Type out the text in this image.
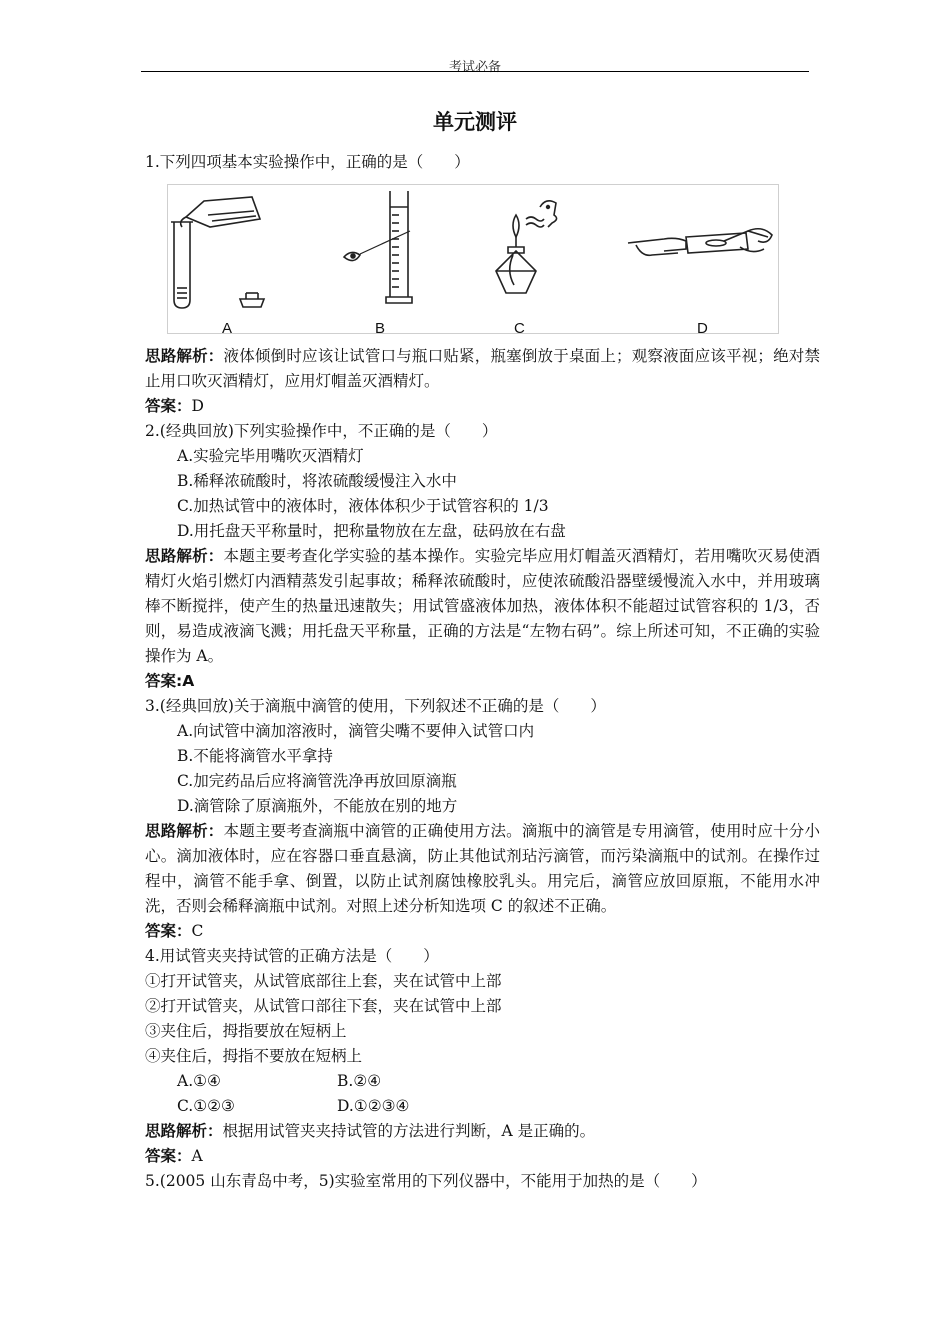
考试必备
单元测评
1.下列四项基本实验操作中，正确的是（　　）
A	B	C	D
思路解析：液体倾倒时应该让试管口与瓶口贴紧，瓶塞倒放于桌面上；观察液面应该平视；绝对禁止用口吹灭酒精灯，应用灯帽盖灭酒精灯。
答案：D
2.(经典回放)下列实验操作中，不正确的是（　　）
A.实验完毕用嘴吹灭酒精灯
B.稀释浓硫酸时，将浓硫酸缓慢注入水中
C.加热试管中的液体时，液体体积少于试管容积的 1/3
D.用托盘天平称量时，把称量物放在左盘，砝码放在右盘
思路解析：本题主要考查化学实验的基本操作。实验完毕应用灯帽盖灭酒精灯，若用嘴吹灭易使酒精灯火焰引燃灯内酒精蒸发引起事故；稀释浓硫酸时，应使浓硫酸沿器壁缓慢流入水中，并用玻璃棒不断搅拌，使产生的热量迅速散失；用试管盛液体加热，液体体积不能超过试管容积的 1/3，否则，易造成液滴飞溅；用托盘天平称量，正确的方法是“左物右码”。综上所述可知，不正确的实验操作为 A。
答案:A
3.(经典回放)关于滴瓶中滴管的使用，下列叙述不正确的是（　　）
A.向试管中滴加溶液时，滴管尖嘴不要伸入试管口内
B.不能将滴管水平拿持
C.加完药品后应将滴管洗净再放回原滴瓶
D.滴管除了原滴瓶外，不能放在别的地方
思路解析：本题主要考查滴瓶中滴管的正确使用方法。滴瓶中的滴管是专用滴管，使用时应十分小心。滴加液体时，应在容器口垂直悬滴，防止其他试剂玷污滴管，而污染滴瓶中的试剂。在操作过程中，滴管不能手拿、倒置，以防止试剂腐蚀橡胶乳头。用完后，滴管应放回原瓶，不能用水冲洗，否则会稀释滴瓶中试剂。对照上述分析知选项 C 的叙述不正确。
答案：C
4.用试管夹夹持试管的正确方法是（　　）
①打开试管夹，从试管底部往上套，夹在试管中上部
②打开试管夹，从试管口部往下套，夹在试管中上部
③夹住后，拇指要放在短柄上
④夹住后，拇指不要放在短柄上
A.①④	B.②④
C.①②③	D.①②③④
思路解析：根据用试管夹夹持试管的方法进行判断，A 是正确的。
答案：A
5.(2005 山东青岛中考，5)实验室常用的下列仪器中，不能用于加热的是（　　）
